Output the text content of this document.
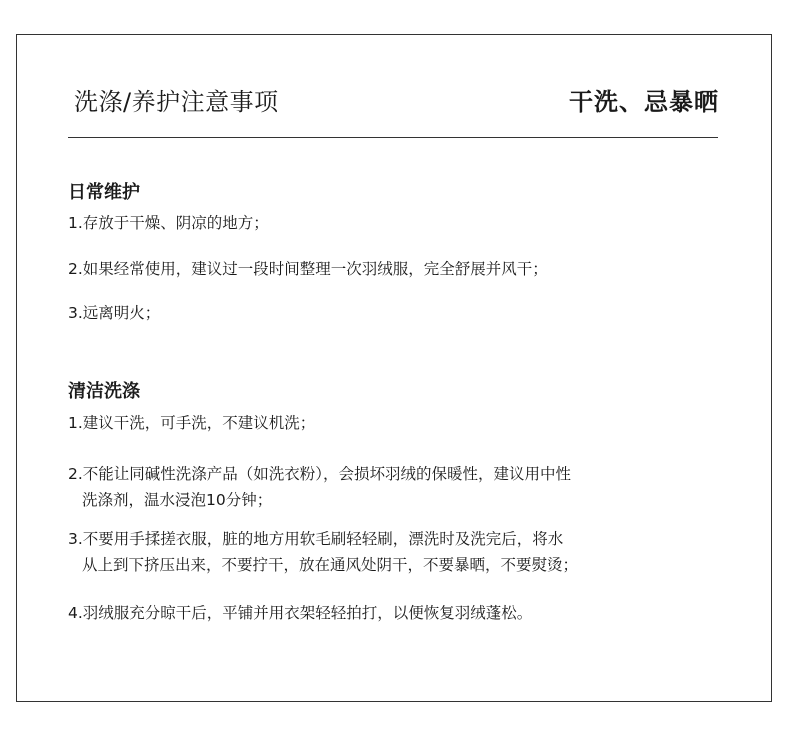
洗涤/养护注意事项	干洗、忌暴晒
日常维护
1.存放于干燥、阴凉的地方；
2.如果经常使用，建议过一段时间整理一次羽绒服，完全舒展并风干；
3.远离明火；
清洁洗涤
1.建议干洗，可手洗，不建议机洗；
2.不能让同碱性洗涤产品（如洗衣粉），会损坏羽绒的保暖性，建议用中性
洗涤剂，温水浸泡10分钟；
3.不要用手揉搓衣服，脏的地方用软毛刷轻轻刷，漂洗时及洗完后，将水
从上到下挤压出来，不要拧干，放在通风处阴干，不要暴晒，不要熨烫；
4.羽绒服充分晾干后，平铺并用衣架轻轻拍打，以便恢复羽绒蓬松。
